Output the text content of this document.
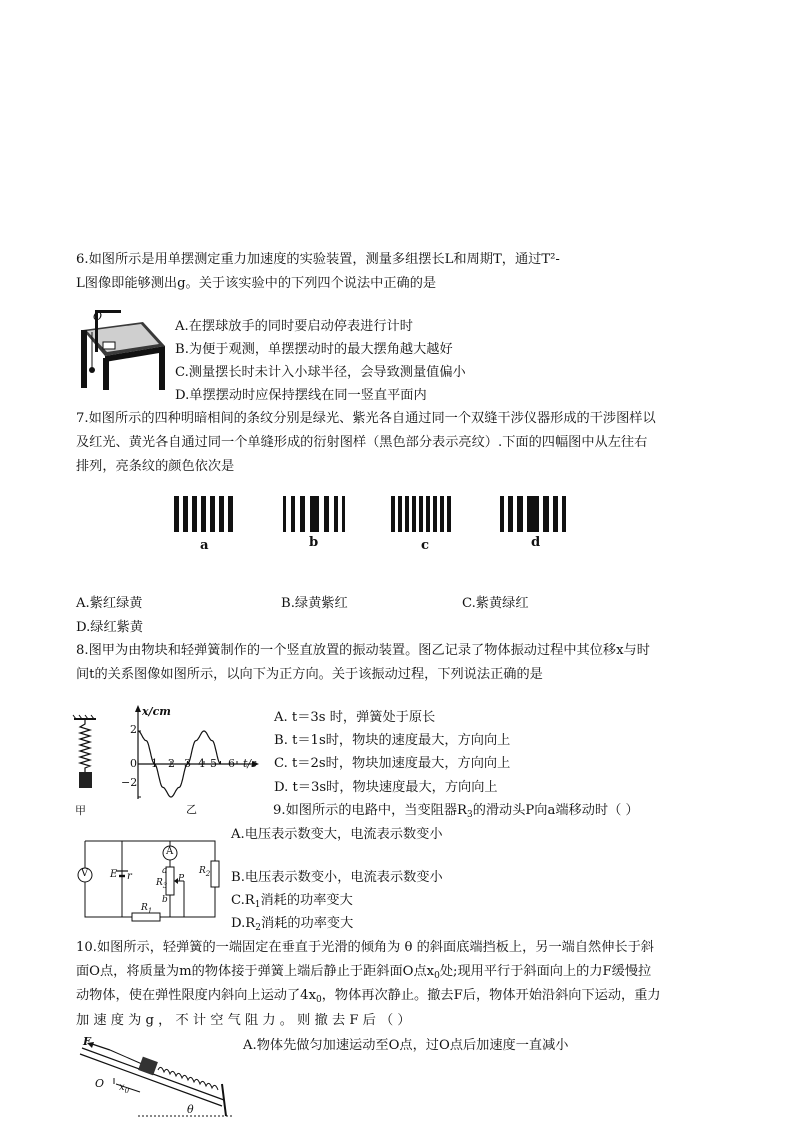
6.如图所示是用单摆测定重力加速度的实验装置，测量多组摆长L和周期T，通过T²-
L图像即能够测出g。关于该实验中的下列四个说法中正确的是
O
A.在摆球放手的同时要启动停表进行计时
B.为便于观测，单摆摆动时的最大摆角越大越好
C.测量摆长时未计入小球半径，会导致测量值偏小
D.单摆摆动时应保持摆线在同一竖直平面内
7.如图所示的四种明暗相间的条纹分别是绿光、紫光各自通过同一个双缝干涉仪器形成的干涉图样以
及红光、黄光各自通过同一个单缝形成的衍射图样（黑色部分表示亮纹）.下面的四幅图中从左往右
排列，亮条纹的颜色依次是
a	b	c	d
A.紫红绿黄	B.绿黄紫红	C.紫黄绿红
D.绿红紫黄
8.图甲为由物块和轻弹簧制作的一个竖直放置的振动装置。图乙记录了物体振动过程中其位移x与时
间t的关系图像如图所示，以向下为正方向。关于该振动过程，下列说法正确的是
甲
x/cm
t/s
2
0
−2
1 2 3 4 5 6
乙
A. t＝3s 时，弹簧处于原长
B. t＝1s时，物块的速度最大，方向向上
C. t＝2s时，物块加速度最大，方向向上
D. t＝3s时，物块速度最大，方向向上
9.如图所示的电路中，当变阻器$R_3$的滑动头P向a端移动时（ ）
V
A
E r
$R_3$
a
b
P
$R_2$
$R_1$
A.电压表示数变大，电流表示数变小
B.电压表示数变小，电流表示数变小
$C.R_1$消耗的功率变大
$D.R_2$消耗的功率变大
10.如图所示，轻弹簧的一端固定在垂直于光滑的倾角为 θ 的斜面底端挡板上，另一端自然伸长于斜
面O点，将质量为m的物体接于弹簧上端后静止于距斜面O点$x_0$处;现用平行于斜面向上的力F缓慢拉
动物体，使在弹性限度内斜向上运动了$4x_0$，物体再次静止。撤去F后，物体开始沿斜向下运动，重力
加 速 度 为 g ， 不 计 空 气 阻 力 。 则 撤 去 F 后 （ ）
F
O $x_0$
θ
A.物体先做匀加速运动至O点，过O点后加速度一直减小
